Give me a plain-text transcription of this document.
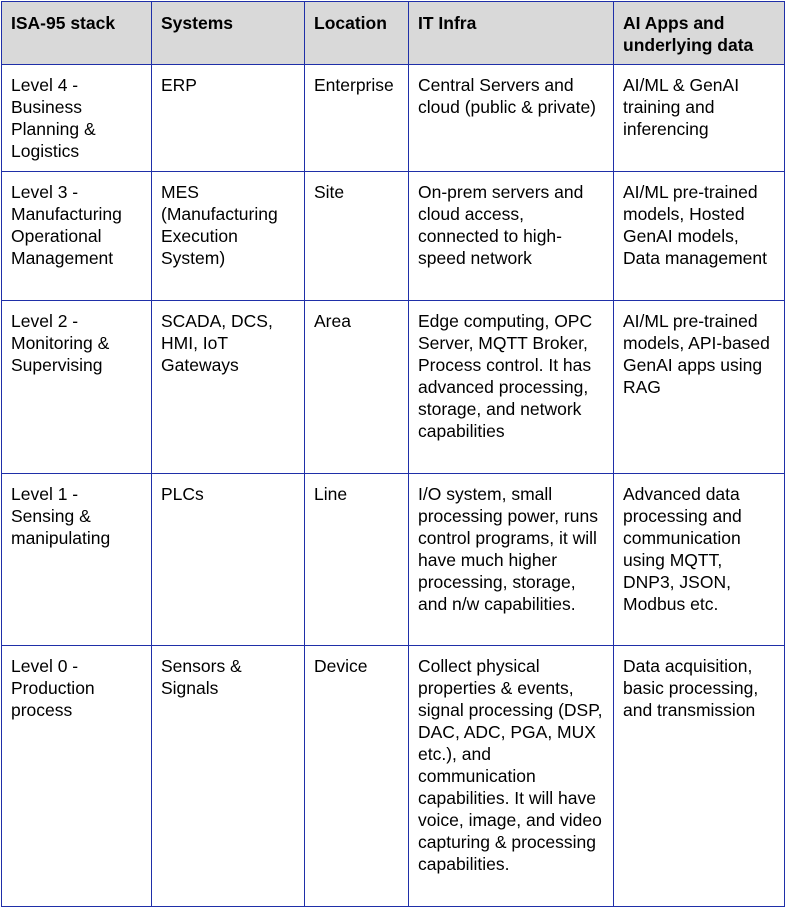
ISA-95 stack	Systems	Location	IT Infra	AI Apps and underlying data
Level 4 - Business Planning & Logistics	ERP	Enterprise	Central Servers and cloud (public & private)	AI/ML & GenAI training and inferencing
Level 3 - Manufacturing Operational Management	MES (Manufacturing Execution System)	Site	On-prem servers and cloud access, connected to high-speed network	AI/ML pre-trained models, Hosted GenAI models, Data management
Level 2 - Monitoring & Supervising	SCADA, DCS, HMI, IoT Gateways	Area	Edge computing, OPC Server, MQTT Broker, Process control. It has advanced processing, storage, and network capabilities	AI/ML pre-trained models, API-based GenAI apps using RAG
Level 1 - Sensing & manipulating	PLCs	Line	I/O system, small processing power, runs control programs, it will have much higher processing, storage, and n/w capabilities.	Advanced data processing and communication using MQTT, DNP3, JSON, Modbus etc.
Level 0 - Production process	Sensors & Signals	Device	Collect physical properties & events, signal processing (DSP, DAC, ADC, PGA, MUX etc.), and communication capabilities. It will have voice, image, and video capturing & processing capabilities.	Data acquisition, basic processing, and transmission
